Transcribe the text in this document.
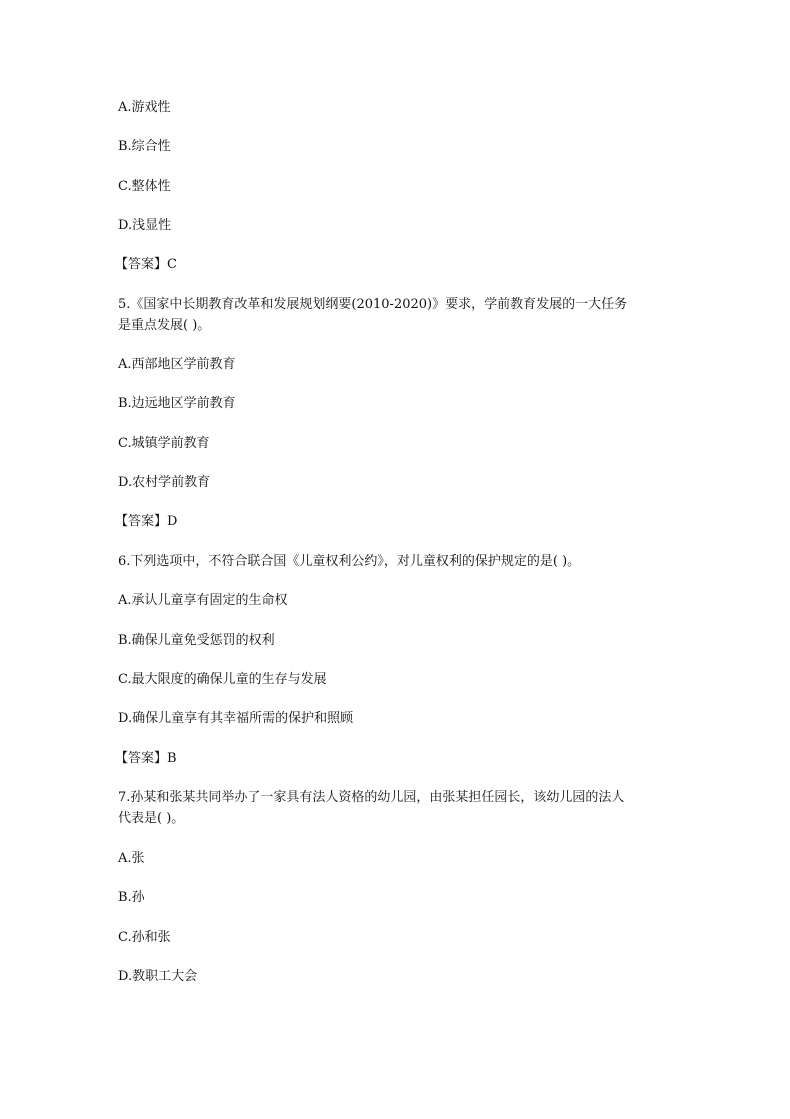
A.游戏性
B.综合性
C.整体性
D.浅显性
【答案】C
5.《国家中长期教育改革和发展规划纲要(2010-2020)》要求，学前教育发展的一大任务
是重点发展( )。
A.西部地区学前教育
B.边远地区学前教育
C.城镇学前教育
D.农村学前教育
【答案】D
6.下列选项中，不符合联合国《儿童权利公约》，对儿童权利的保护规定的是( )。
A.承认儿童享有固定的生命权
B.确保儿童免受惩罚的权利
C.最大限度的确保儿童的生存与发展
D.确保儿童享有其幸福所需的保护和照顾
【答案】B
7.孙某和张某共同举办了一家具有法人资格的幼儿园，由张某担任园长，该幼儿园的法人
代表是( )。
A.张
B.孙
C.孙和张
D.教职工大会
